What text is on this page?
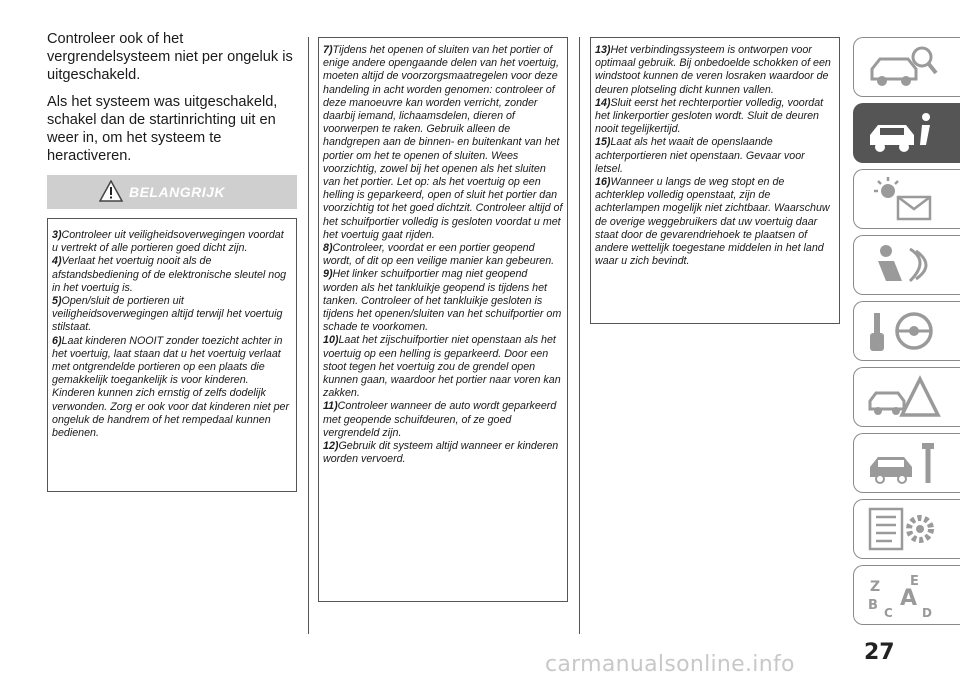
Controleer ook of het vergrendelsysteem niet per ongeluk is uitgeschakeld.

Als het systeem was uitgeschakeld, schakel dan de startinrichting uit en weer in, om het systeem te heractiveren.

BELANGRIJK

3)Controleer uit veiligheidsoverwegingen voordat u vertrekt of alle portieren goed dicht zijn.

4)Verlaat het voertuig nooit als de afstandsbediening of de elektronische sleutel nog in het voertuig is.

5)Open/sluit de portieren uit veiligheidsoverwegingen altijd terwijl het voertuig stilstaat.

6)Laat kinderen NOOIT zonder toezicht achter in het voertuig, laat staan dat u het voertuig verlaat met ontgrendelde portieren op een plaats die gemakkelijk toegankelijk is voor kinderen. Kinderen kunnen zich ernstig of zelfs dodelijk verwonden. Zorg er ook voor dat kinderen niet per ongeluk de handrem of het rempedaal kunnen bedienen.

7)Tijdens het openen of sluiten van het portier of enige andere opengaande delen van het voertuig, moeten altijd de voorzorgsmaatregelen voor deze handeling in acht worden genomen: controleer of deze manoeuvre kan worden verricht, zonder daarbij iemand, lichaamsdelen, dieren of voorwerpen te raken. Gebruik alleen de handgrepen aan de binnen- en buitenkant van het portier om het te openen of sluiten. Wees voorzichtig, zowel bij het openen als het sluiten van het portier. Let op: als het voertuig op een helling is geparkeerd, open of sluit het portier dan voorzichtig tot het goed dichtzit. Controleer altijd of het schuifportier volledig is gesloten voordat u met het voertuig gaat rijden.

8)Controleer, voordat er een portier geopend wordt, of dit op een veilige manier kan gebeuren.

9)Het linker schuifportier mag niet geopend worden als het tankluikje geopend is tijdens het tanken. Controleer of het tankluikje gesloten is tijdens het openen/sluiten van het schuifportier om schade te voorkomen.

10)Laat het zijschuifportier niet openstaan als het voertuig op een helling is geparkeerd. Door een stoot tegen het voertuig zou de grendel open kunnen gaan, waardoor het portier naar voren kan zakken.

11)Controleer wanneer de auto wordt geparkeerd met geopende schuifdeuren, of ze goed vergrendeld zijn.

12)Gebruik dit systeem altijd wanneer er kinderen worden vervoerd.

13)Het verbindingssysteem is ontworpen voor optimaal gebruik. Bij onbedoelde schokken of een windstoot kunnen de veren losraken waardoor de deuren plotseling dicht kunnen vallen.

14)Sluit eerst het rechterportier volledig, voordat het linkerportier gesloten wordt. Sluit de deuren nooit tegelijkertijd.

15)Laat als het waait de openslaande achterportieren niet openstaan. Gevaar voor letsel.

16)Wanneer u langs de weg stopt en de achterklep volledig openstaat, zijn de achterlampen mogelijk niet zichtbaar. Waarschuw de overige weggebruikers dat uw voertuig daar staat door de gevarendriehoek te plaatsen of andere wettelijk toegestane middelen in het land waar u zich bevindt.

Z E
B A
C D
27
carmanualsonline.info
